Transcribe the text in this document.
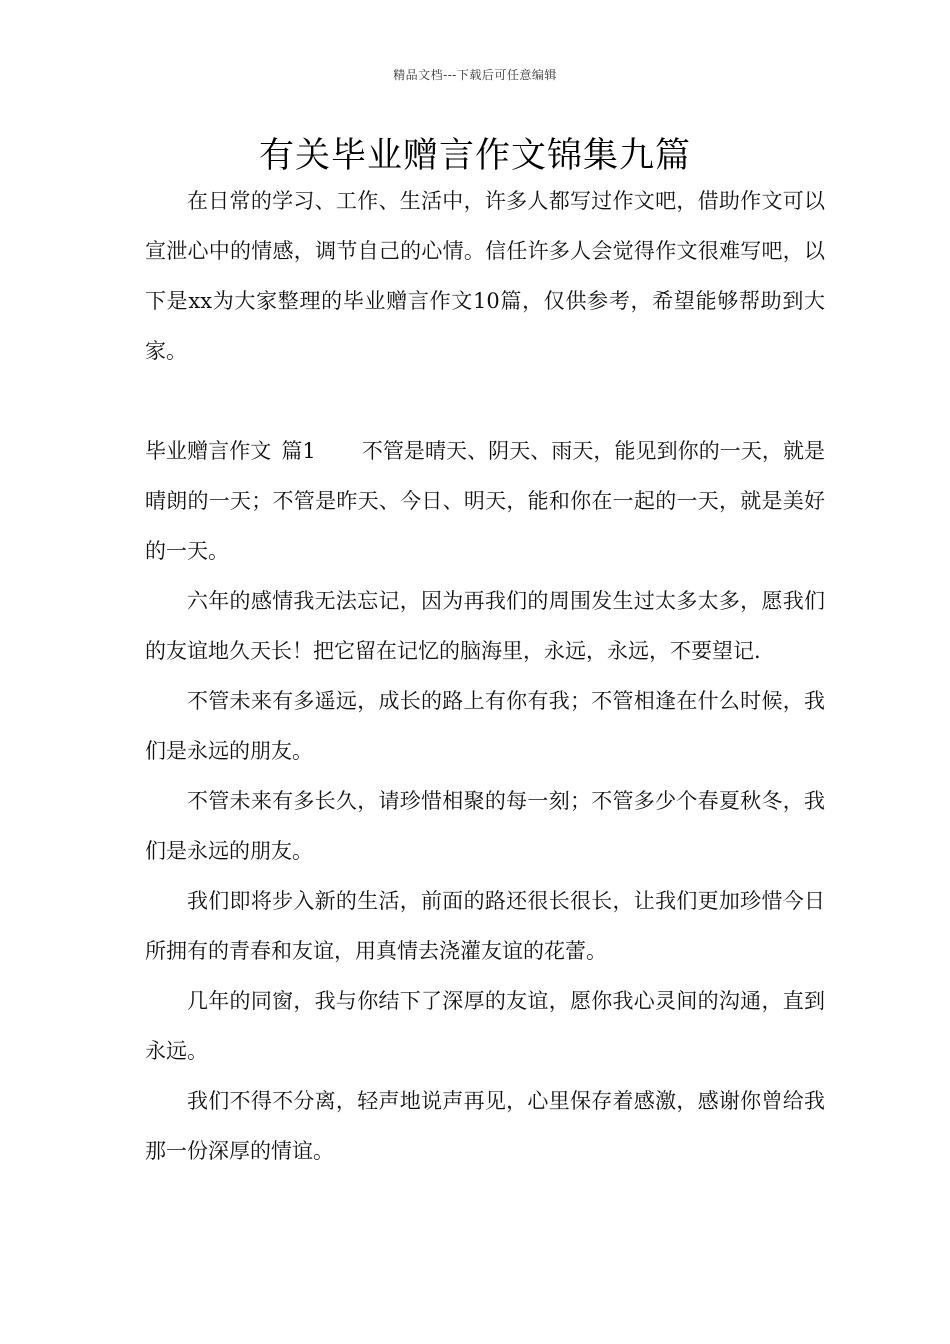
精品文档---下载后可任意编辑
有关毕业赠言作文锦集九篇

在日常的学习、工作、生活中，许多人都写过作文吧，借助作文可以宣泄心中的情感，调节自己的心情。信任许多人会觉得作文很难写吧，以下是xx为大家整理的毕业赠言作文10篇，仅供参考，希望能够帮助到大家。

毕业赠言作文 篇1 不管是晴天、阴天、雨天，能见到你的一天，就是晴朗的一天；不管是昨天、今日、明天，能和你在一起的一天，就是美好的一天。

六年的感情我无法忘记，因为再我们的周围发生过太多太多，愿我们的友谊地久天长！把它留在记忆的脑海里，永远，永远，不要望记.

不管未来有多遥远，成长的路上有你有我；不管相逢在什么时候，我们是永远的朋友。

不管未来有多长久，请珍惜相聚的每一刻；不管多少个春夏秋冬，我们是永远的朋友。

我们即将步入新的生活，前面的路还很长很长，让我们更加珍惜今日所拥有的青春和友谊，用真情去浇灌友谊的花蕾。

几年的同窗，我与你结下了深厚的友谊，愿你我心灵间的沟通，直到永远。

我们不得不分离，轻声地说声再见，心里保存着感激，感谢你曾给我那一份深厚的情谊。
